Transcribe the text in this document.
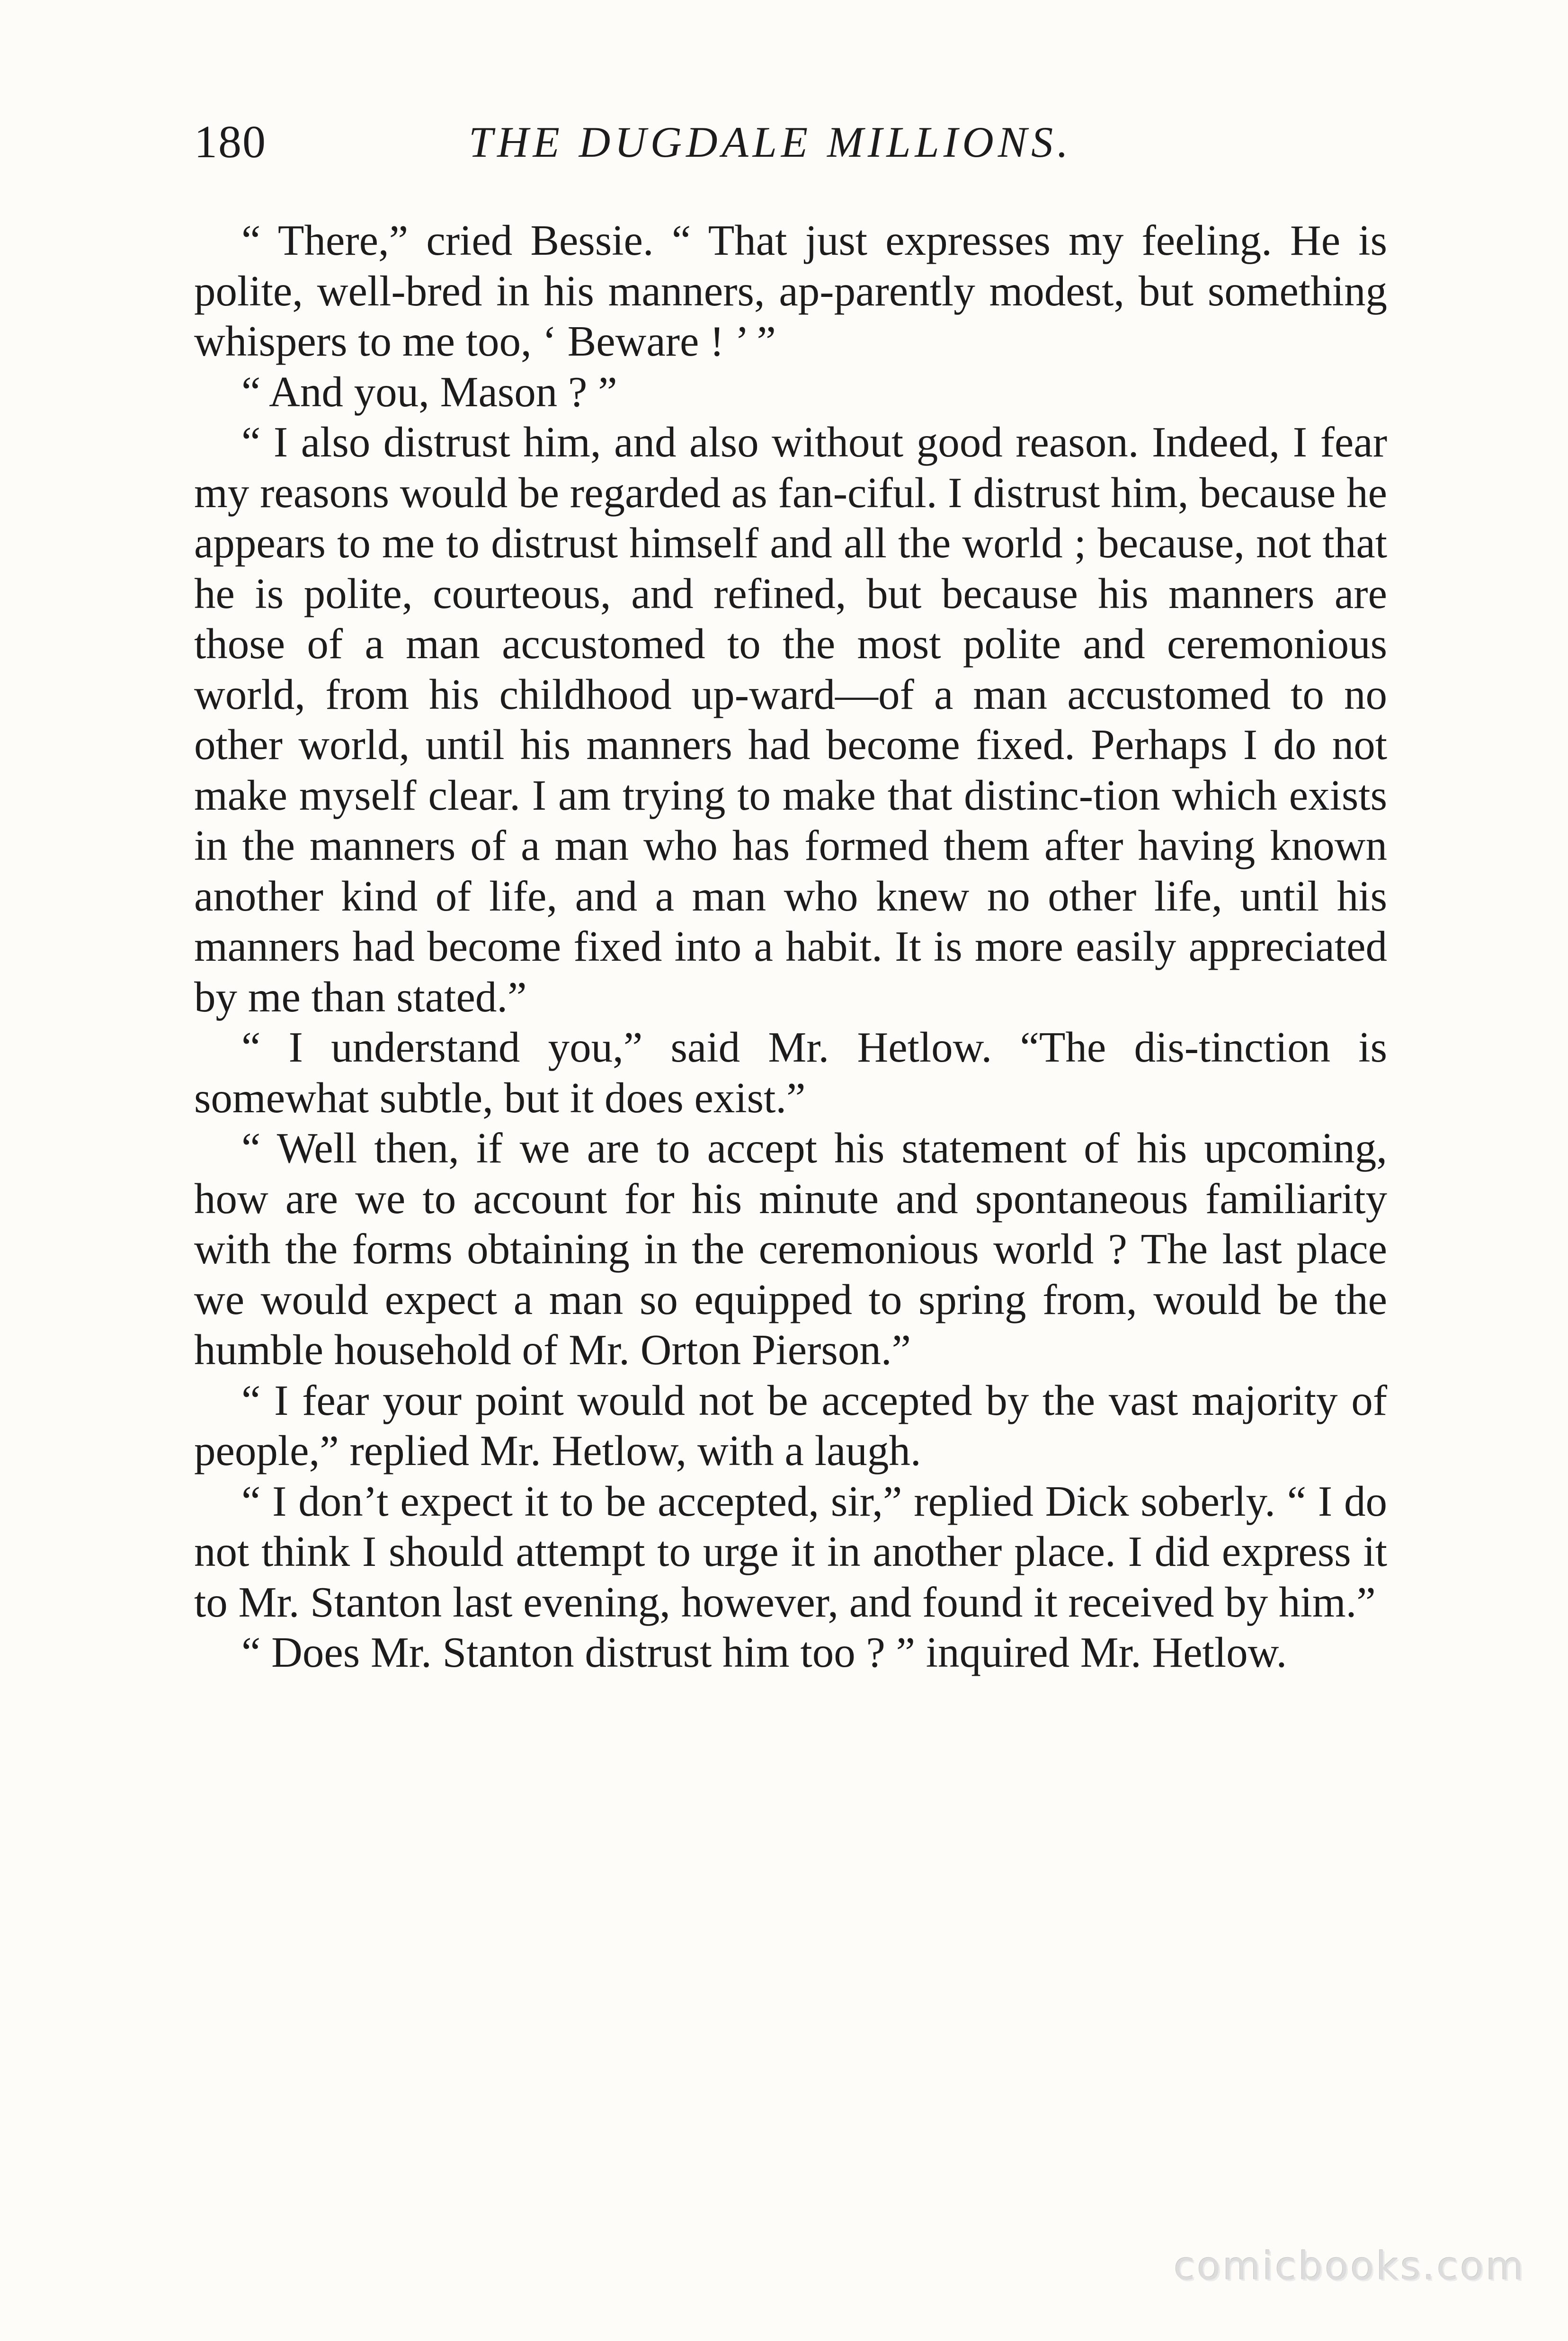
180	THE DUGDALE MILLIONS.

“ There,” cried Bessie. “ That just expresses my feeling. He is polite, well-bred in his manners, ap-parently modest, but something whispers to me too, ‘ Beware ! ’ ”

“ And you, Mason ? ”

“ I also distrust him, and also without good reason. Indeed, I fear my reasons would be regarded as fan-ciful. I distrust him, because he appears to me to distrust himself and all the world ; because, not that he is polite, courteous, and refined, but because his manners are those of a man accustomed to the most polite and ceremonious world, from his childhood up-ward—of a man accustomed to no other world, until his manners had become fixed. Perhaps I do not make myself clear. I am trying to make that distinc-tion which exists in the manners of a man who has formed them after having known another kind of life, and a man who knew no other life, until his manners had become fixed into a habit. It is more easily appreciated by me than stated.”

“ I understand you,” said Mr. Hetlow. “The dis-tinction is somewhat subtle, but it does exist.”

“ Well then, if we are to accept his statement of his upcoming, how are we to account for his minute and spontaneous familiarity with the forms obtaining in the ceremonious world ? The last place we would expect a man so equipped to spring from, would be the humble household of Mr. Orton Pierson.”

“ I fear your point would not be accepted by the vast majority of people,” replied Mr. Hetlow, with a laugh.

“ I don’t expect it to be accepted, sir,” replied Dick soberly. “ I do not think I should attempt to urge it in another place. I did express it to Mr. Stanton last evening, however, and found it received by him.”

“ Does Mr. Stanton distrust him too ? ” inquired Mr. Hetlow.

comicbooks.com
